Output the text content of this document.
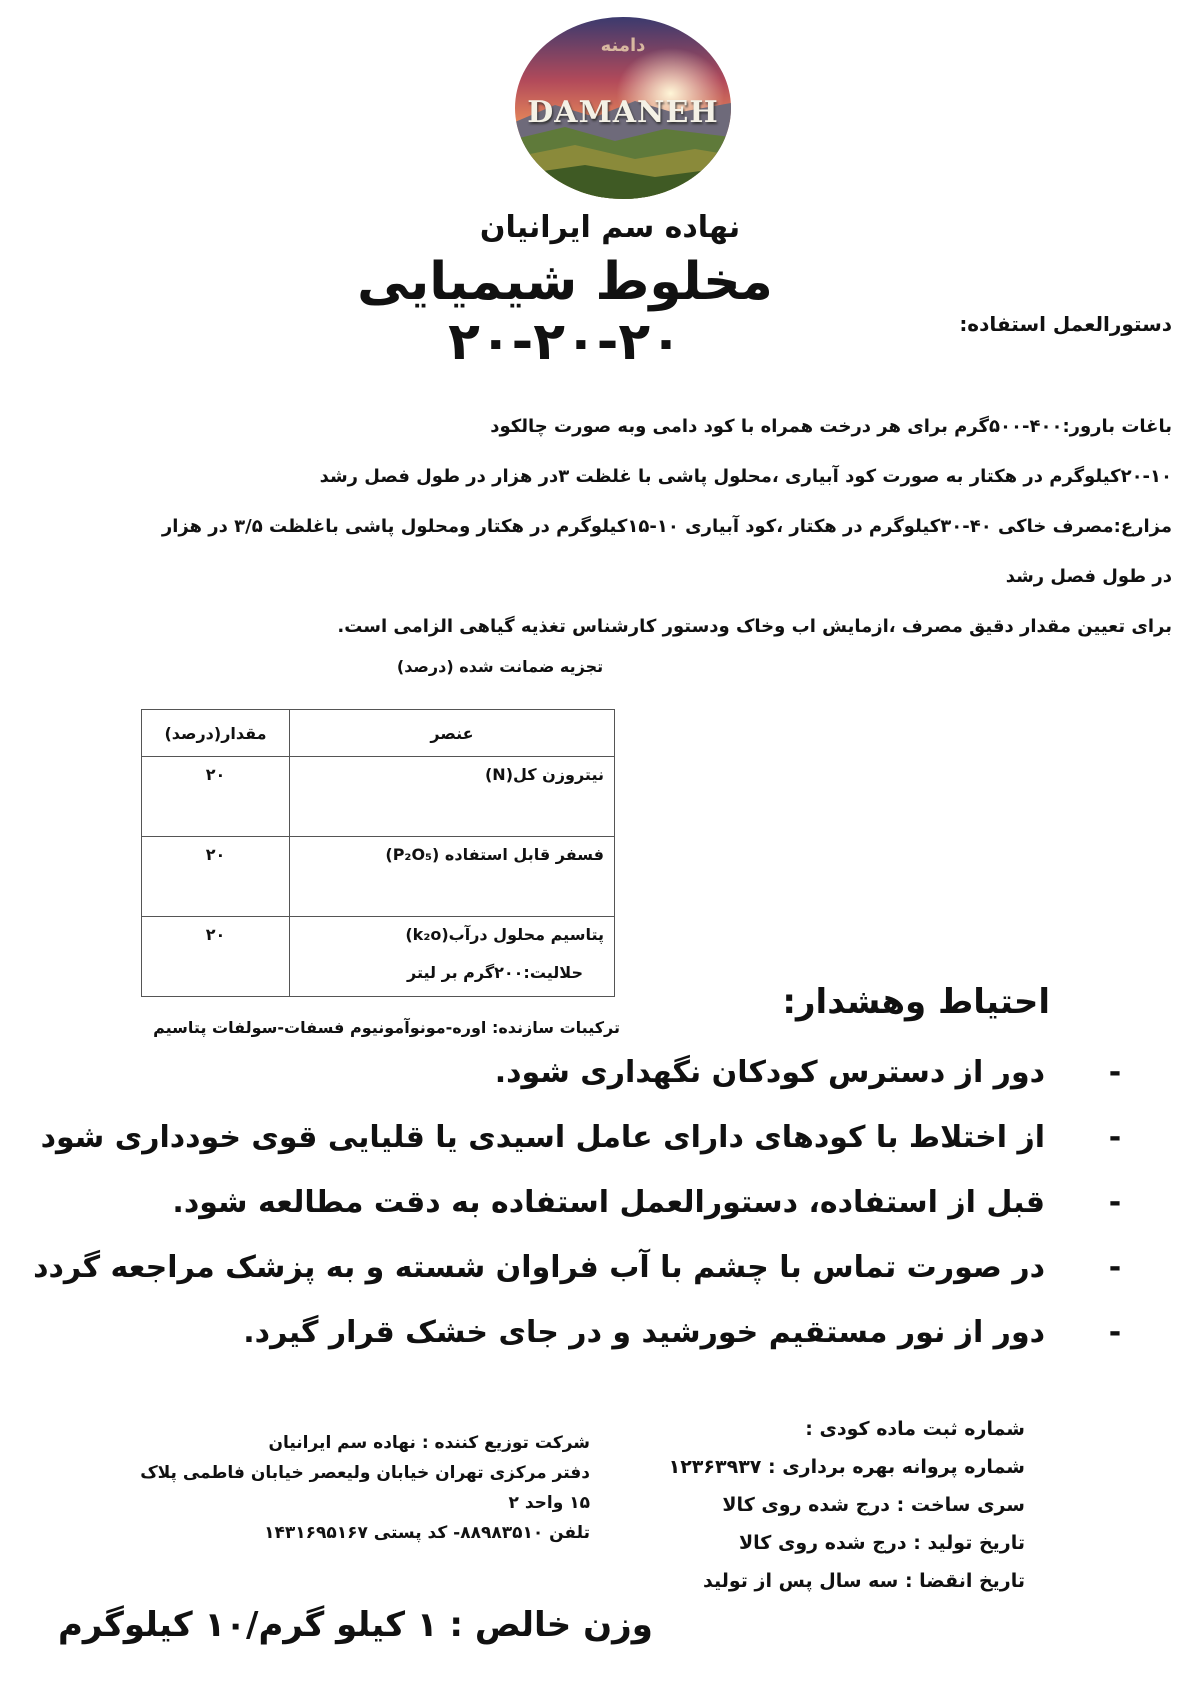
دامنه
DAMANEH
نهاده سم ایرانیان
مخلوط شیمیایی ۲۰-۲۰-۲۰	دستورالعمل استفاده:

باغات بارور:۴۰۰-۵۰۰گرم برای هر درخت همراه با کود دامی وبه صورت چالکود

۲۰-۱۰کیلوگرم در هکتار به صورت کود آبیاری ،محلول پاشی با غلظت ۳در هزار در طول فصل رشد

مزارع:مصرف خاکی ۴۰-۳۰کیلوگرم در هکتار ،کود آبیاری ۱۰-۱۵کیلوگرم در هکتار ومحلول پاشی باغلظت ۳/۵ در هزار

در طول فصل رشد

برای تعیین مقدار دقیق مصرف ،ازمایش اب وخاک ودستور کارشناس تغذیه گیاهی الزامی است.

تجزیه ضمانت شده (درصد)
مقدار(درصد)	عنصر
۲۰	نیتروزن کل(N)
۲۰	فسفر قابل استفاده (P₂O₅)
۲۰	پتاسیم محلول درآب(k₂o)
حلالیت:۲۰۰گرم بر لیتر
ترکیبات سازنده: اوره-مونوآمونیوم فسفات-سولفات پتاسیم
احتیاط وهشدار:
-
دور از دسترس کودکان نگهداری شود.
-
از اختلاط با کودهای دارای عامل اسیدی یا قلیایی قوی خودداری شود
-
قبل از استفاده، دستورالعمل استفاده به دقت مطالعه شود.
-
در صورت تماس با چشم با آب فراوان شسته و به پزشک مراجعه گردد
-
دور از نور مستقیم خورشید و در جای خشک قرار گیرد.

شرکت توزیع کننده : نهاده سم ایرانیان

دفتر مرکزی تهران خیابان ولیعصر خیابان فاطمی پلاک

۱۵ واحد ۲

تلفن ۸۸۹۸۳۵۱۰- کد پستی ۱۴۳۱۶۹۵۱۶۷

شماره ثبت ماده کودی :

شماره پروانه بهره برداری : ۱۲۳۶۳۹۳۷

سری ساخت : درج شده روی کالا

تاریخ تولید : درج شده روی کالا

تاریخ انقضا : سه سال پس از تولید

وزن خالص : ۱ کیلو گرم/۱۰ کیلوگرم
